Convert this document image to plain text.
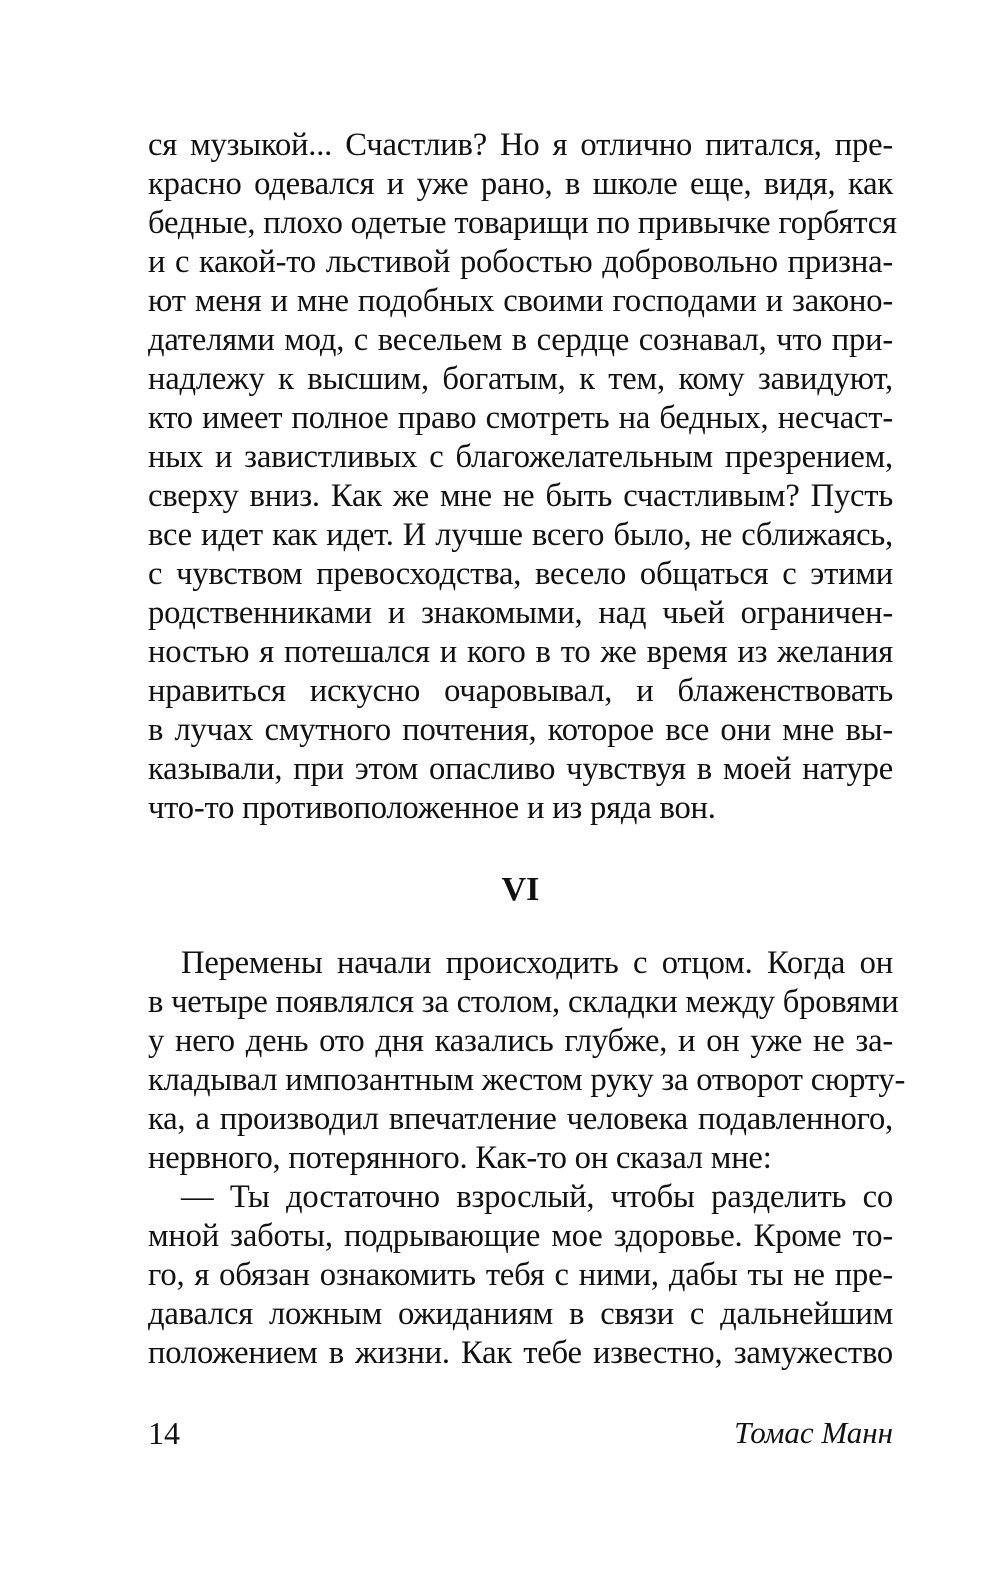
ся музыкой... Счастлив? Но я отлично питался, пре-
красно одевался и уже рано, в школе еще, видя, как
бедные, плохо одетые товарищи по привычке горбятся
и с какой-то льстивой робостью добровольно призна-
ют меня и мне подобных своими господами и законо-
дателями мод, с весельем в сердце сознавал, что при-
надлежу к высшим, богатым, к тем, кому завидуют,
кто имеет полное право смотреть на бедных, несчаст-
ных и завистливых с благожелательным презрением,
сверху вниз. Как же мне не быть счастливым? Пусть
все идет как идет. И лучше всего было, не сближаясь,
с чувством превосходства, весело общаться с этими
родственниками и знакомыми, над чьей ограничен-
ностью я потешался и кого в то же время из желания
нравиться искусно очаровывал, и блаженствовать
в лучах смутного почтения, которое все они мне вы-
казывали, при этом опасливо чувствуя в моей натуре
что-то противоположенное и из ряда вон.
VI
Перемены начали происходить с отцом. Когда он
в четыре появлялся за столом, складки между бровями
у него день ото дня казались глубже, и он уже не за-
кладывал импозантным жестом руку за отворот сюрту-
ка, а производил впечатление человека подавленного,
нервного, потерянного. Как-то он сказал мне:
— Ты достаточно взрослый, чтобы разделить со
мной заботы, подрывающие мое здоровье. Кроме то-
го, я обязан ознакомить тебя с ними, дабы ты не пре-
давался ложным ожиданиям в связи с дальнейшим
положением в жизни. Как тебе известно, замужество
14	Томас Манн
